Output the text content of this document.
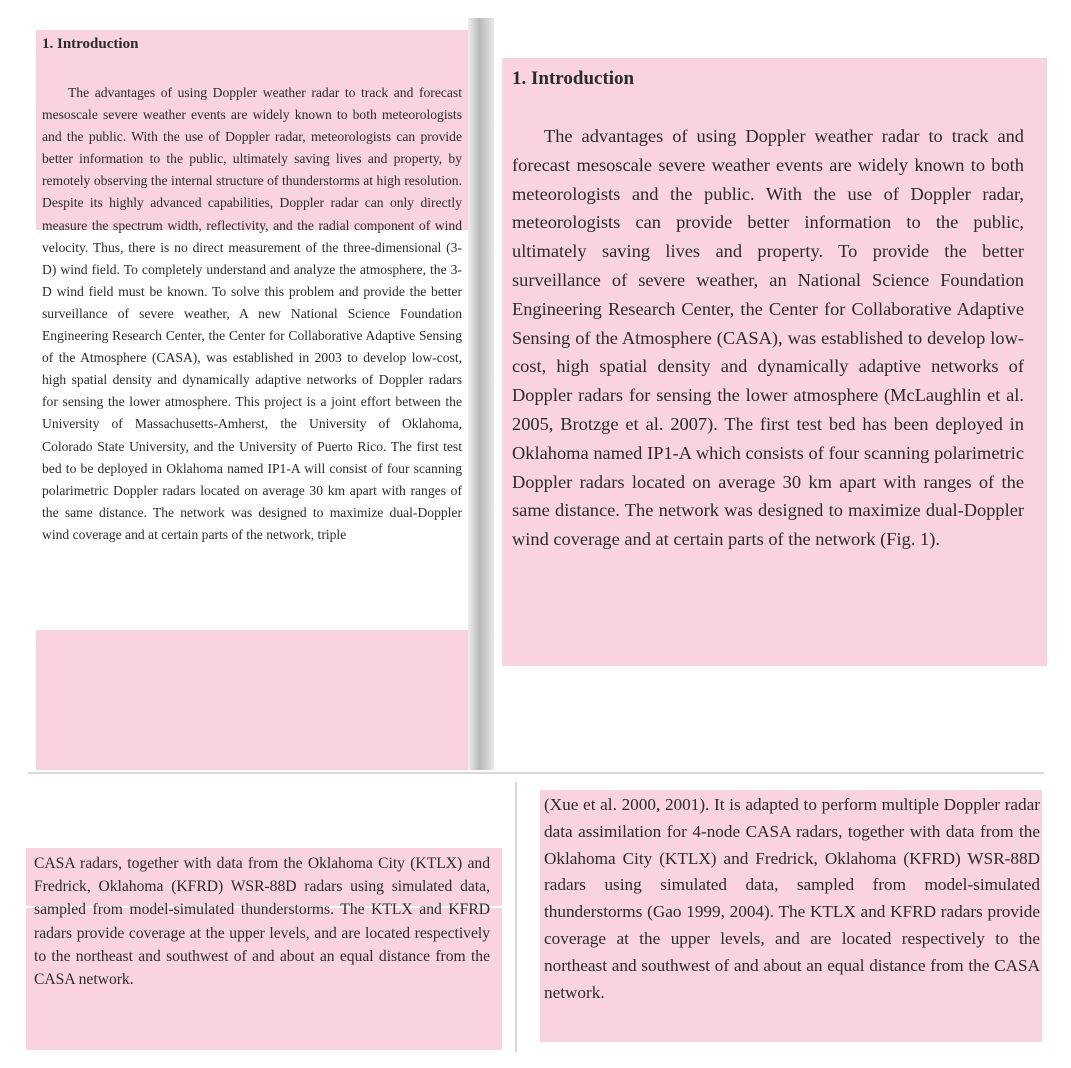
1. Introduction

The advantages of using Doppler weather radar to track and forecast mesoscale severe weather events are widely known to both meteorologists and the public. With the use of Doppler radar, meteorologists can provide better information to the public, ultimately saving lives and property, by remotely observing the internal structure of thunderstorms at high resolution. Despite its highly advanced capabilities, Doppler radar can only directly measure the spectrum width, reflectivity, and the radial component of wind velocity. Thus, there is no direct measurement of the three-dimensional (3-D) wind field. To completely understand and analyze the atmosphere, the 3-D wind field must be known. To solve this problem and provide the better surveillance of severe weather, A new National Science Foundation Engineering Research Center, the Center for Collaborative Adaptive Sensing of the Atmosphere (CASA), was established in 2003 to develop low-cost, high spatial density and dynamically adaptive networks of Doppler radars for sensing the lower atmosphere. This project is a joint effort between the University of Massachusetts-Amherst, the University of Oklahoma, Colorado State University, and the University of Puerto Rico. The first test bed to be deployed in Oklahoma named IP1-A will consist of four scanning polarimetric Doppler radars located on average 30 km apart with ranges of the same distance. The network was designed to maximize dual-Doppler wind coverage and at certain parts of the network, triple

1. Introduction

The advantages of using Doppler weather radar to track and forecast mesoscale severe weather events are widely known to both meteorologists and the public. With the use of Doppler radar, meteorologists can provide better information to the public, ultimately saving lives and property. To provide the better surveillance of severe weather, an National Science Foundation Engineering Research Center, the Center for Collaborative Adaptive Sensing of the Atmosphere (CASA), was established to develop low-cost, high spatial density and dynamically adaptive networks of Doppler radars for sensing the lower atmosphere (McLaughlin et al. 2005, Brotzge et al. 2007). The first test bed has been deployed in Oklahoma named IP1-A which consists of four scanning polarimetric Doppler radars located on average 30 km apart with ranges of the same distance. The network was designed to maximize dual-Doppler wind coverage and at certain parts of the network (Fig. 1).

CASA radars, together with data from the Oklahoma City (KTLX) and Fredrick, Oklahoma (KFRD) WSR-88D radars using simulated data, sampled from model-simulated thunderstorms. The KTLX and KFRD radars provide coverage at the upper levels, and are located respectively to the northeast and southwest of and about an equal distance from the CASA network.

(Xue et al. 2000, 2001). It is adapted to perform multiple Doppler radar data assimilation for 4-node CASA radars, together with data from the Oklahoma City (KTLX) and Fredrick, Oklahoma (KFRD) WSR-88D radars using simulated data, sampled from model-simulated thunderstorms (Gao 1999, 2004). The KTLX and KFRD radars provide coverage at the upper levels, and are located respectively to the northeast and southwest of and about an equal distance from the CASA network.
